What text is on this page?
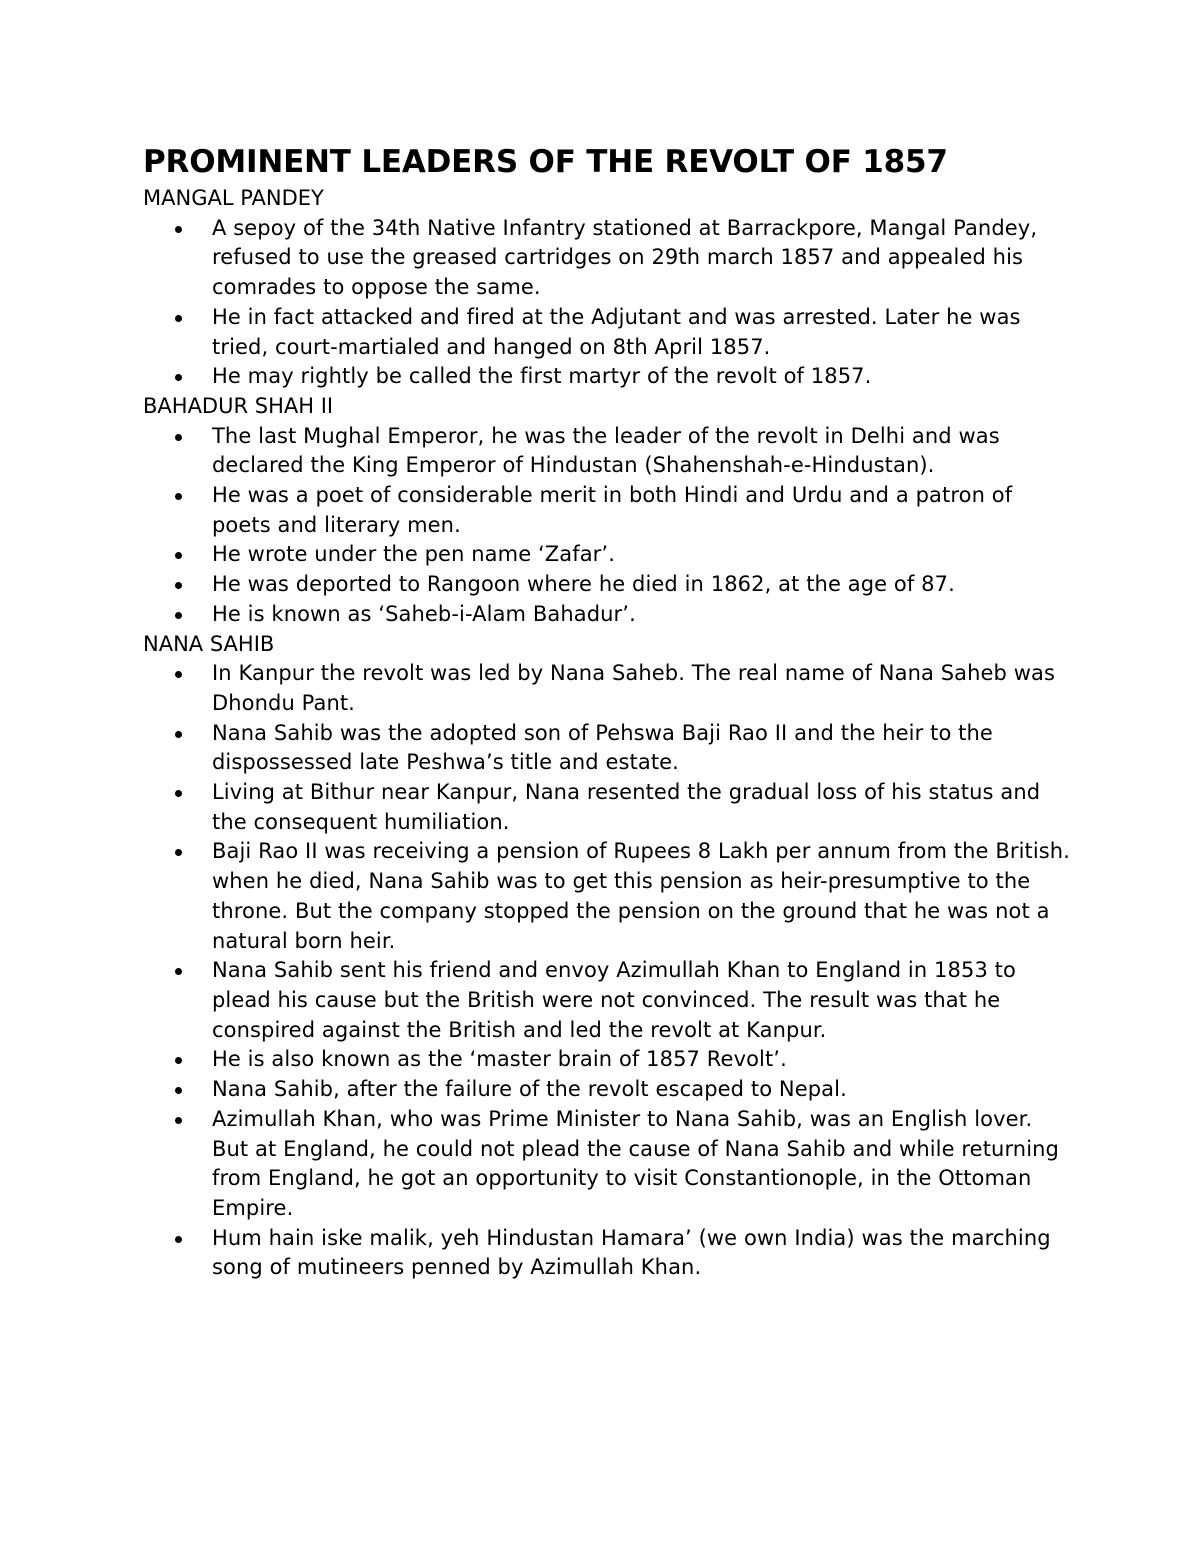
PROMINENT LEADERS OF THE REVOLT OF 1857

MANGAL PANDEY

A sepoy of the 34th Native Infantry stationed at Barrackpore, Mangal Pandey, refused to use the greased cartridges on 29th march 1857 and appealed his comrades to oppose the same.
He in fact attacked and fired at the Adjutant and was arrested. Later he was tried, court-martialed and hanged on 8th April 1857.
He may rightly be called the first martyr of the revolt of 1857.

BAHADUR SHAH II

The last Mughal Emperor, he was the leader of the revolt in Delhi and was declared the King Emperor of Hindustan (Shahenshah-e-Hindustan).
He was a poet of considerable merit in both Hindi and Urdu and a patron of poets and literary men.
He wrote under the pen name ‘Zafar’.
He was deported to Rangoon where he died in 1862, at the age of 87.
He is known as ‘Saheb-i-Alam Bahadur’.

NANA SAHIB

In Kanpur the revolt was led by Nana Saheb. The real name of Nana Saheb was Dhondu Pant.
Nana Sahib was the adopted son of Pehswa Baji Rao II and the heir to the dispossessed late Peshwa’s title and estate.
Living at Bithur near Kanpur, Nana resented the gradual loss of his status and the consequent humiliation.
Baji Rao II was receiving a pension of Rupees 8 Lakh per annum from the British. when he died, Nana Sahib was to get this pension as heir-presumptive to the throne. But the company stopped the pension on the ground that he was not a natural born heir.
Nana Sahib sent his friend and envoy Azimullah Khan to England in 1853 to plead his cause but the British were not convinced. The result was that he conspired against the British and led the revolt at Kanpur.
He is also known as the ‘master brain of 1857 Revolt’.
Nana Sahib, after the failure of the revolt escaped to Nepal.
Azimullah Khan, who was Prime Minister to Nana Sahib, was an English lover. But at England, he could not plead the cause of Nana Sahib and while returning from England, he got an opportunity to visit Constantionople, in the Ottoman Empire.
Hum hain iske malik, yeh Hindustan Hamara’ (we own India) was the marching song of mutineers penned by Azimullah Khan.
